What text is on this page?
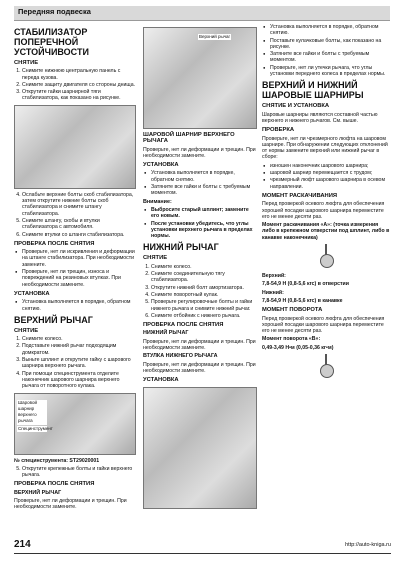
Передняя подвеска
СТАБИЛИЗАТОР ПОПЕРЕЧНОЙ УСТОЙЧИВОСТИ
СНЯТИЕ
1. Снимите нижнюю центральную панель с переда кузова.
2. Снимите защиту двигателя со стороны днища.
3. Открутите гайки шарнирной тяги стабилизатора, как показано на рисунке.
4. Ослабьте верхние болты скоб стабилизатора, затем открутите нижние болты скоб стабилизатора и снимите штангу стабилизатора.
5. Снимите штангу, скобы и втулки стабилизатора с автомобиля.
6. Снимите втулки со штанги стабилизатора.
ПРОВЕРКА ПОСЛЕ СНЯТИЯ
● Проверьте, нет ли искривления и деформации на штанге стабилизатора. При необходимости замените.
● Проверьте, нет ли трещин, износа и повреждений на резиновых втулках. При необходимости замените.
УСТАНОВКА
● Установка выполняется в порядке, обратном снятию.
ВЕРХНИЙ РЫЧАГ
СНЯТИЕ
1. Снимите колесо.
2. Подставьте нижний рычаг подходящим домкратом.
3. Выньте шплинт и открутите гайку с шарового шарнира верхнего рычага.
4. При помощи специнструмента отделите наконечник шарового шарнира верхнего рычага от поворотного кулака.
Шаровой шарнир верхнего рычага
Специнструмент

№ специнструмента: ST29020001

5. Открутите крепежные болты и гайки верхнего рычага.
ПРОВЕРКА ПОСЛЕ СНЯТИЯ
ВЕРХНИЙ РЫЧАГ

Проверьте, нет ли деформации и трещин. При необходимости замените.

Верхний рычаг
ШАРОВОЙ ШАРНИР ВЕРХНЕГО РЫЧАГА

Проверьте, нет ли деформации и трещин. При необходимости замените.

УСТАНОВКА
● Установка выполняется в порядке, обратном снятию.
● Затяните все гайки и болты с требуемым моментом.
Внимание:
● Выбросите старый шплинт; замените его новым.
● После установки убедитесь, что углы установки верхнего рычага в пределах нормы.
НИЖНИЙ РЫЧАГ
СНЯТИЕ
1. Снимите колесо.
2. Снимите соединительную тягу стабилизатора.
3. Открутите нижний болт амортизатора.
4. Снимите поворотный кулак.
5. Проверьте регулировочные болты и гайки нижнего рычага и снимите нижний рычаг.
6. Снимите отбойник с нижнего рычага.
ПРОВЕРКА ПОСЛЕ СНЯТИЯ
НИЖНИЙ РЫЧАГ

Проверьте, нет ли деформации и трещин. При необходимости замените.

ВТУЛКА НИЖНЕГО РЫЧАГА

Проверьте, нет ли деформации и трещин. При необходимости замените.

УСТАНОВКА
● Установка выполняется в порядке, обратном снятию.
● Поставьте кулачковые болты, как показано на рисунке.
● Затяните все гайки и болты с требуемым моментом.
● Проверьте, нет ли утечки рычага, что углы установки переднего колеса в пределах нормы.
ВЕРХНИЙ И НИЖНИЙ ШАРОВЫЕ ШАРНИРЫ
СНЯТИЕ И УСТАНОВКА

Шаровые шарниры являются составной частью верхнего и нижнего рычагов. См. выше.

ПРОВЕРКА

Проверьте, нет ли чрезмерного люфта на шаровом шарнире. При обнаружении следующих отклонений от нормы замените верхний или нижний рычаг в сборе:

● изношен наконечник шарового шарнира;
● шаровой шарнир перемещается с трудом;
● чрезмерный люфт шарового шарнира в осевом направлении.
МОМЕНТ РАСКАЧИВАНИЯ

Перед проверкой осевого люфта для обеспечения хорошей посадки шарового шарнира переместите его не менее десяти раз.

Момент раскачивания «A»: (точка измерения либо в крепежном отверстии под шплинт, либо в канавке наконечника)

Верхний:

7,8-54,9 Н (0,8-5,6 кгс) в отверстии

Нижний:

7,8-54,9 Н (0,8-5,6 кгс) в канавке

МОМЕНТ ПОВОРОТА

Перед проверкой осевого люфта для обеспечения хорошей посадки шарового шарнира переместите его не менее десяти раз.

Момент поворота «B»:

0,49-3,49 Н•м (0,05-0,36 кг•м)

214	http://auto-kniga.ru
